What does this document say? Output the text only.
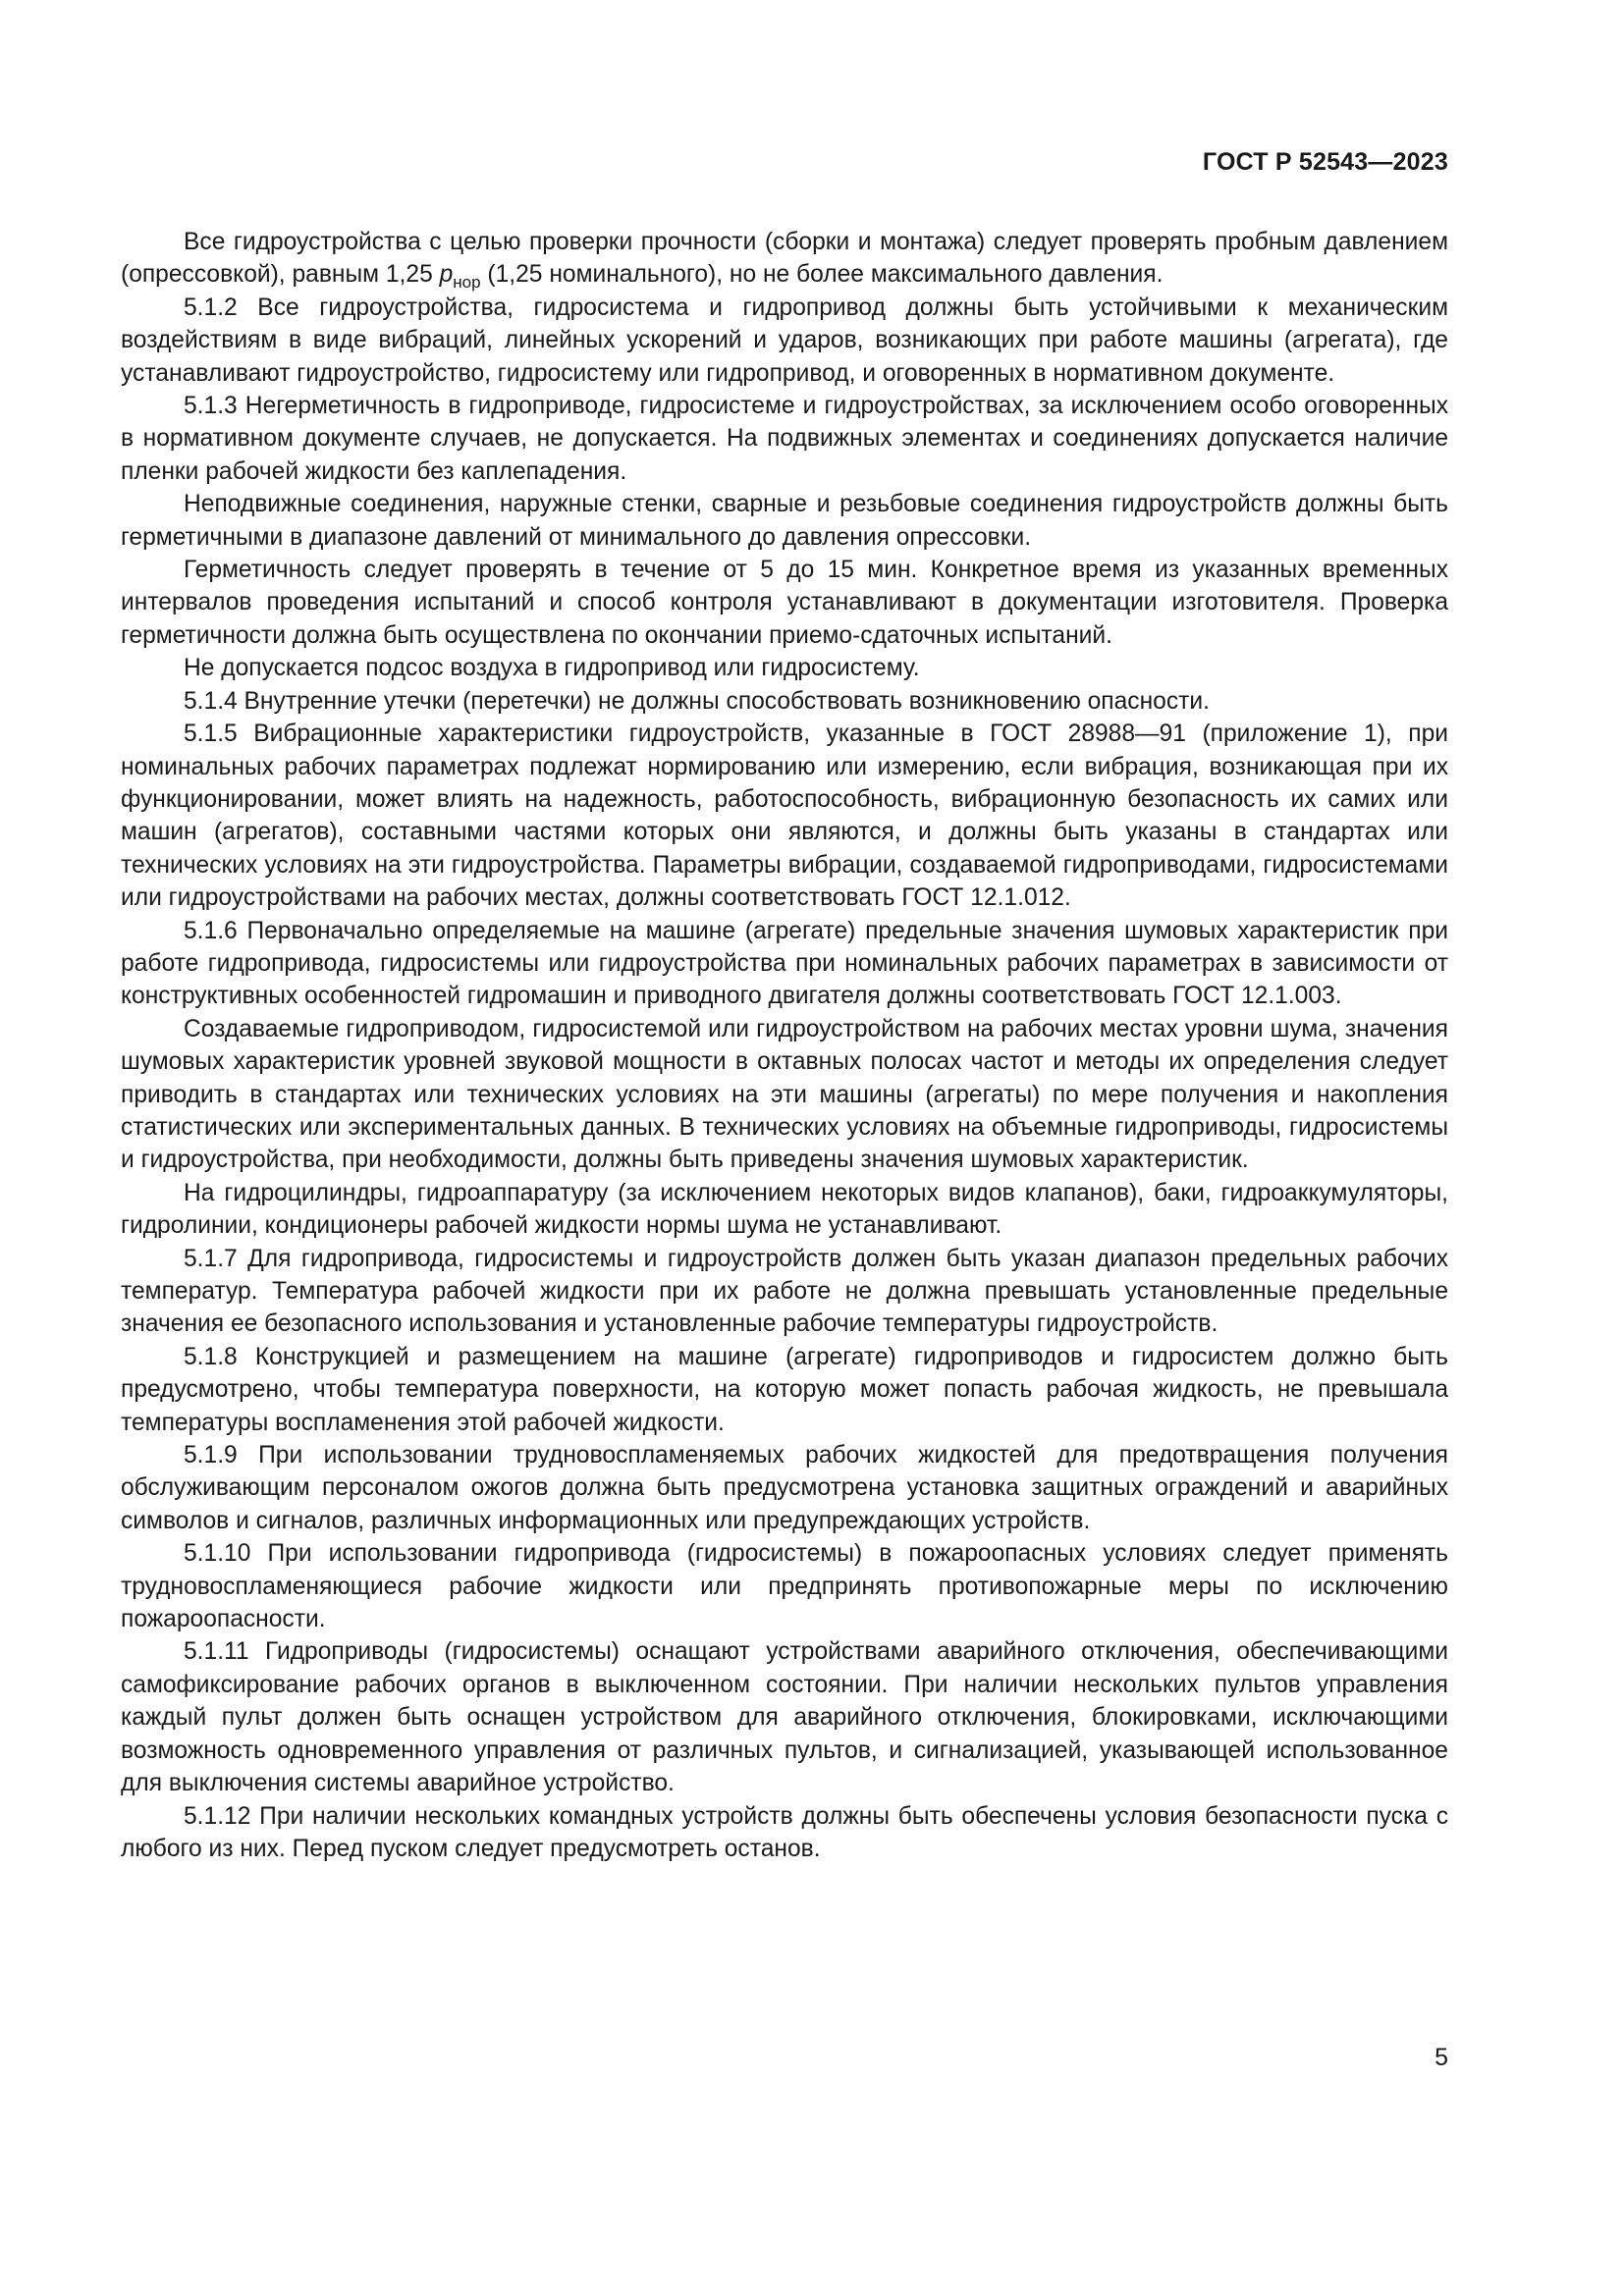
ГОСТ Р 52543—2023

Все гидроустройства с целью проверки прочности (сборки и монтажа) следует проверять пробным давлением (опрессовкой), равным 1,25 $p_{нор}$ (1,25 номинального), но не более максимального давления.

5.1.2 Все гидроустройства, гидросистема и гидропривод должны быть устойчивыми к механическим воздействиям в виде вибраций, линейных ускорений и ударов, возникающих при работе машины (агрегата), где устанавливают гидроустройство, гидросистему или гидропривод, и оговоренных в нормативном документе.

5.1.3 Негерметичность в гидроприводе, гидросистеме и гидроустройствах, за исключением особо оговоренных в нормативном документе случаев, не допускается. На подвижных элементах и соединениях допускается наличие пленки рабочей жидкости без каплепадения.

Неподвижные соединения, наружные стенки, сварные и резьбовые соединения гидроустройств должны быть герметичными в диапазоне давлений от минимального до давления опрессовки.

Герметичность следует проверять в течение от 5 до 15 мин. Конкретное время из указанных временных интервалов проведения испытаний и способ контроля устанавливают в документации изготовителя. Проверка герметичности должна быть осуществлена по окончании приемо-сдаточных испытаний.

Не допускается подсос воздуха в гидропривод или гидросистему.

5.1.4 Внутренние утечки (перетечки) не должны способствовать возникновению опасности.

5.1.5 Вибрационные характеристики гидроустройств, указанные в ГОСТ 28988—91 (приложение 1), при номинальных рабочих параметрах подлежат нормированию или измерению, если вибрация, возникающая при их функционировании, может влиять на надежность, работоспособность, вибрационную безопасность их самих или машин (агрегатов), составными частями которых они являются, и должны быть указаны в стандартах или технических условиях на эти гидроустройства. Параметры вибрации, создаваемой гидроприводами, гидросистемами или гидроустройствами на рабочих местах, должны соответствовать ГОСТ 12.1.012.

5.1.6 Первоначально определяемые на машине (агрегате) предельные значения шумовых характеристик при работе гидропривода, гидросистемы или гидроустройства при номинальных рабочих параметрах в зависимости от конструктивных особенностей гидромашин и приводного двигателя должны соответствовать ГОСТ 12.1.003.

Создаваемые гидроприводом, гидросистемой или гидроустройством на рабочих местах уровни шума, значения шумовых характеристик уровней звуковой мощности в октавных полосах частот и методы их определения следует приводить в стандартах или технических условиях на эти машины (агрегаты) по мере получения и накопления статистических или экспериментальных данных. В технических условиях на объемные гидроприводы, гидросистемы и гидроустройства, при необходимости, должны быть приведены значения шумовых характеристик.

На гидроцилиндры, гидроаппаратуру (за исключением некоторых видов клапанов), баки, гидроаккумуляторы, гидролинии, кондиционеры рабочей жидкости нормы шума не устанавливают.

5.1.7 Для гидропривода, гидросистемы и гидроустройств должен быть указан диапазон предельных рабочих температур. Температура рабочей жидкости при их работе не должна превышать установленные предельные значения ее безопасного использования и установленные рабочие температуры гидроустройств.

5.1.8 Конструкцией и размещением на машине (агрегате) гидроприводов и гидросистем должно быть предусмотрено, чтобы температура поверхности, на которую может попасть рабочая жидкость, не превышала температуры воспламенения этой рабочей жидкости.

5.1.9 При использовании трудновоспламеняемых рабочих жидкостей для предотвращения получения обслуживающим персоналом ожогов должна быть предусмотрена установка защитных ограждений и аварийных символов и сигналов, различных информационных или предупреждающих устройств.

5.1.10 При использовании гидропривода (гидросистемы) в пожароопасных условиях следует применять трудновоспламеняющиеся рабочие жидкости или предпринять противопожарные меры по исключению пожароопасности.

5.1.11 Гидроприводы (гидросистемы) оснащают устройствами аварийного отключения, обеспечивающими самофиксирование рабочих органов в выключенном состоянии. При наличии нескольких пультов управления каждый пульт должен быть оснащен устройством для аварийного отключения, блокировками, исключающими возможность одновременного управления от различных пультов, и сигнализацией, указывающей использованное для выключения системы аварийное устройство.

5.1.12 При наличии нескольких командных устройств должны быть обеспечены условия безопасности пуска с любого из них. Перед пуском следует предусмотреть останов.

5
